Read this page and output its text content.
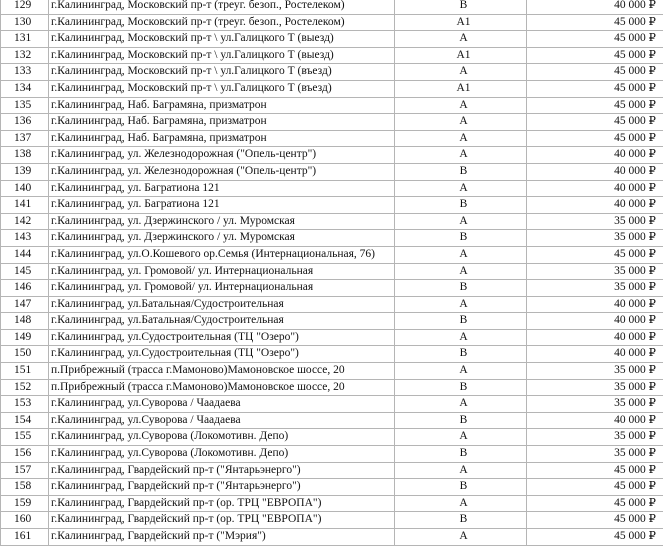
129	г.Калининград, Московский пр-т (треуг. безоп., Ростелеком)	B	40 000 ₽
130	г.Калининград, Московский пр-т (треуг. безоп., Ростелеком)	A1	45 000 ₽
131	г.Калининград, Московский пр-т \ ул.Галицкого Т (выезд)	A	45 000 ₽
132	г.Калининград, Московский пр-т \ ул.Галицкого Т (выезд)	A1	45 000 ₽
133	г.Калининград, Московский пр-т \ ул.Галицкого Т (въезд)	A	45 000 ₽
134	г.Калининград, Московский пр-т \ ул.Галицкого Т (въезд)	A1	45 000 ₽
135	г.Калининград, Наб. Баграмяна, призматрон	A	45 000 ₽
136	г.Калининград, Наб. Баграмяна, призматрон	A	45 000 ₽
137	г.Калининград, Наб. Баграмяна, призматрон	A	45 000 ₽
138	г.Калининград, ул. Железнодорожная ("Опель-центр")	A	40 000 ₽
139	г.Калининград, ул. Железнодорожная ("Опель-центр")	B	40 000 ₽
140	г.Калининград, ул. Багратиона 121	A	40 000 ₽
141	г.Калининград, ул. Багратиона 121	B	40 000 ₽
142	г.Калининград, ул. Дзержинского / ул. Муромская	A	35 000 ₽
143	г.Калининград, ул. Дзержинского / ул. Муромская	B	35 000 ₽
144	г.Калининград, ул.О.Кошевого ор.Семья (Интернациональная, 76)	A	45 000 ₽
145	г.Калининград, ул. Громовой/ ул. Интернациональная	A	35 000 ₽
146	г.Калининград, ул. Громовой/ ул. Интернациональная	B	35 000 ₽
147	г.Калининград, ул.Батальная/Судостроительная	A	40 000 ₽
148	г.Калининград, ул.Батальная/Судостроительная	B	40 000 ₽
149	г.Калининград, ул.Судостроительная (ТЦ "Озеро")	A	40 000 ₽
150	г.Калининград, ул.Судостроительная (ТЦ "Озеро")	B	40 000 ₽
151	п.Прибрежный (трасса г.Мамоново)Мамоновское шоссе, 20	A	35 000 ₽
152	п.Прибрежный (трасса г.Мамоново)Мамоновское шоссе, 20	B	35 000 ₽
153	г.Калининград, ул.Суворова / Чаадаева	A	35 000 ₽
154	г.Калининград, ул.Суворова / Чаадаева	B	40 000 ₽
155	г.Калининград, ул.Суворова (Локомотивн. Депо)	A	35 000 ₽
156	г.Калининград, ул.Суворова (Локомотивн. Депо)	B	35 000 ₽
157	г.Калининград, Гвардейский пр-т ("Янтарьэнерго")	A	45 000 ₽
158	г.Калининград, Гвардейский пр-т ("Янтарьэнерго")	B	45 000 ₽
159	г.Калининград, Гвардейский пр-т (ор. ТРЦ "ЕВРОПА")	A	45 000 ₽
160	г.Калининград, Гвардейский пр-т (ор. ТРЦ "ЕВРОПА")	B	45 000 ₽
161	г.Калининград, Гвардейский пр-т ("Мэрия")	A	45 000 ₽
